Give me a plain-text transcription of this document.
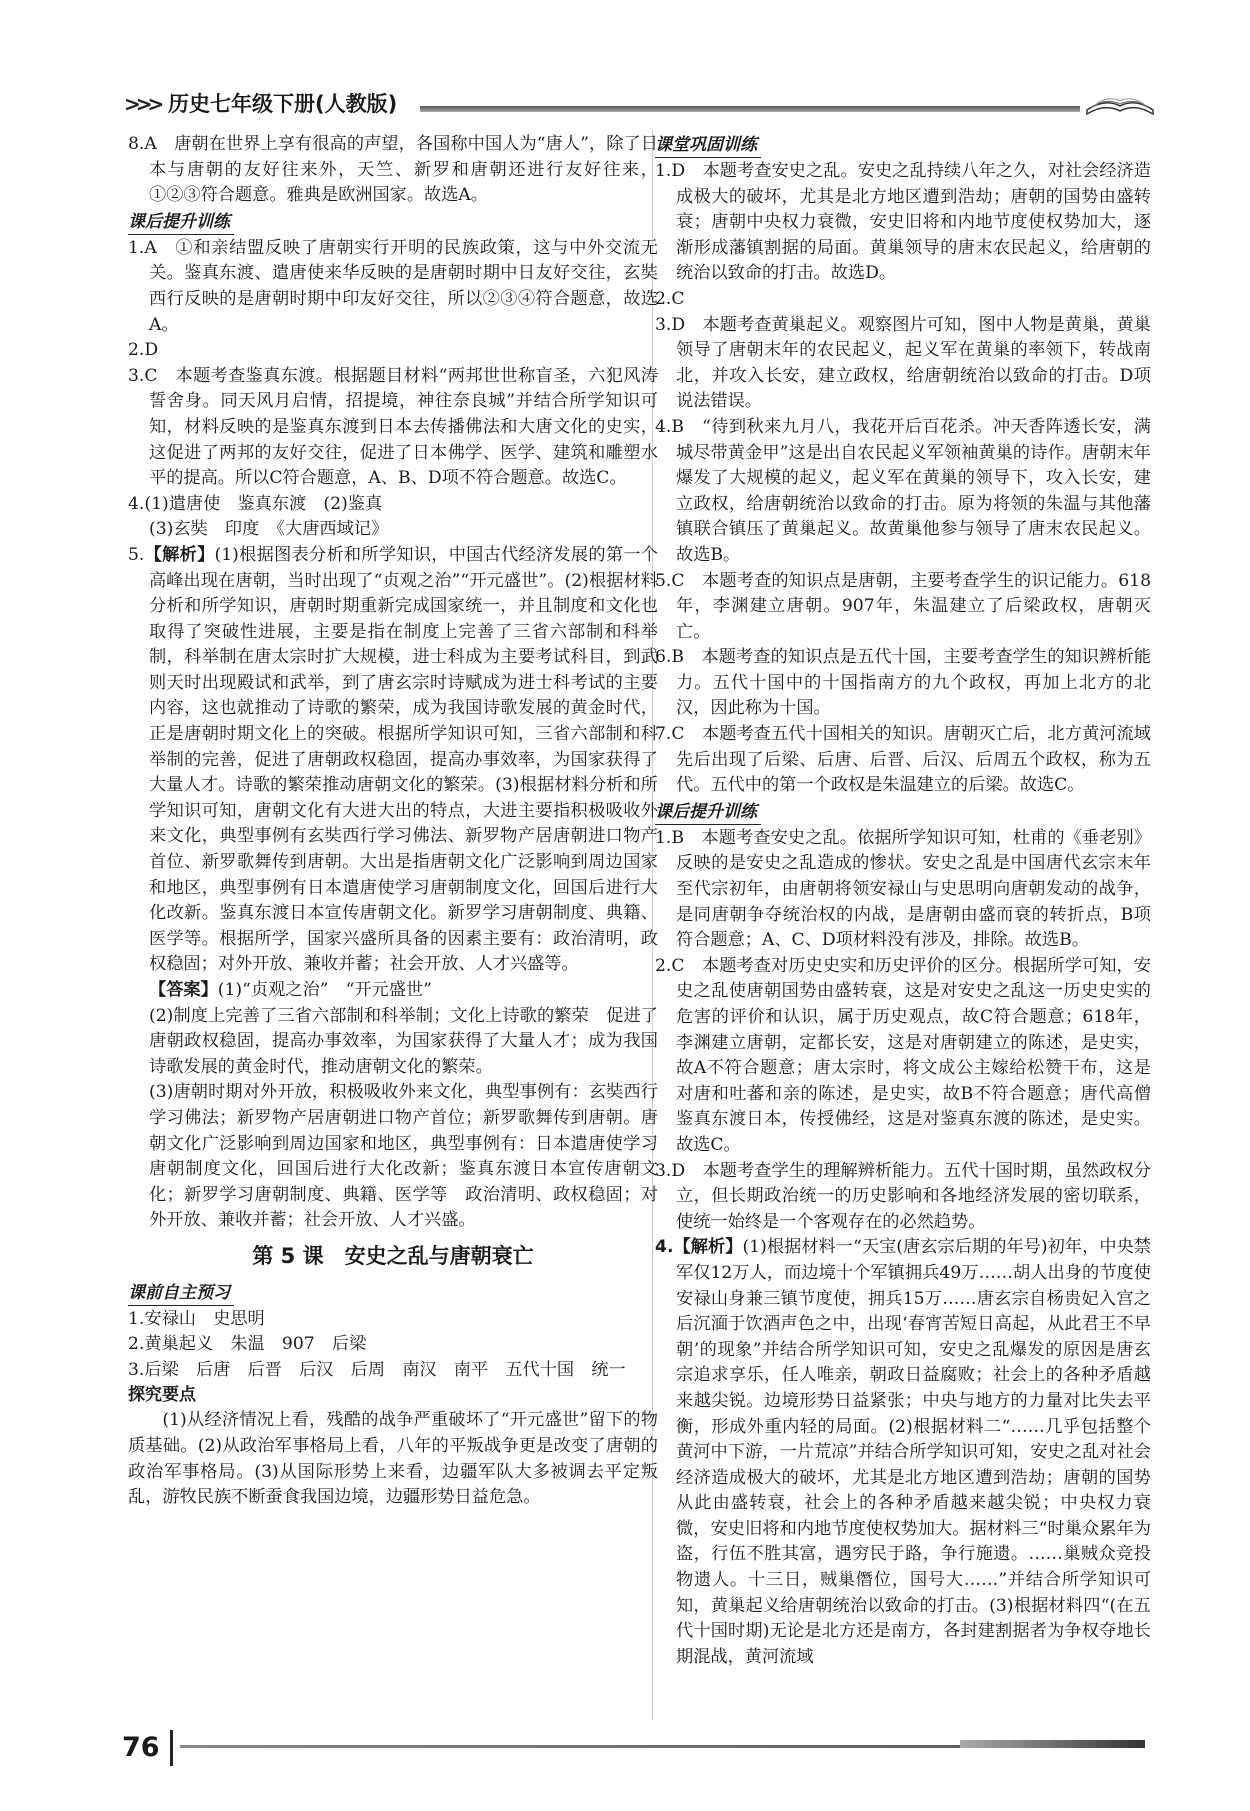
>>> 历史七年级下册(人教版)

8.A　唐朝在世界上享有很高的声望，各国称中国人为“唐人”，除了日本与唐朝的友好往来外，天竺、新罗和唐朝还进行友好往来，①②③符合题意。雅典是欧洲国家。故选A。

课后提升训练

1.A　①和亲结盟反映了唐朝实行开明的民族政策，这与中外交流无关。鉴真东渡、遣唐使来华反映的是唐朝时期中日友好交往，玄奘西行反映的是唐朝时期中印友好交往，所以②③④符合题意，故选A。

2.D

3.C　本题考查鉴真东渡。根据题目材料“两邦世世称盲圣，六犯风涛誓舍身。同天风月启情，招提境，神往奈良城”并结合所学知识可知，材料反映的是鉴真东渡到日本去传播佛法和大唐文化的史实，这促进了两邦的友好交往，促进了日本佛学、医学、建筑和雕塑水平的提高。所以C符合题意，A、B、D项不符合题意。故选C。

4.(1)遣唐使　鉴真东渡　(2)鉴真

(3)玄奘　印度　《大唐西域记》

5.【解析】(1)根据图表分析和所学知识，中国古代经济发展的第一个高峰出现在唐朝，当时出现了“贞观之治”“开元盛世”。(2)根据材料分析和所学知识，唐朝时期重新完成国家统一，并且制度和文化也取得了突破性进展，主要是指在制度上完善了三省六部制和科举制，科举制在唐太宗时扩大规模，进士科成为主要考试科目，到武则天时出现殿试和武举，到了唐玄宗时诗赋成为进士科考试的主要内容，这也就推动了诗歌的繁荣，成为我国诗歌发展的黄金时代，正是唐朝时期文化上的突破。根据所学知识可知，三省六部制和科举制的完善，促进了唐朝政权稳固，提高办事效率，为国家获得了大量人才。诗歌的繁荣推动唐朝文化的繁荣。(3)根据材料分析和所学知识可知，唐朝文化有大进大出的特点，大进主要指积极吸收外来文化，典型事例有玄奘西行学习佛法、新罗物产居唐朝进口物产首位、新罗歌舞传到唐朝。大出是指唐朝文化广泛影响到周边国家和地区，典型事例有日本遣唐使学习唐朝制度文化，回国后进行大化改新。鉴真东渡日本宣传唐朝文化。新罗学习唐朝制度、典籍、医学等。根据所学，国家兴盛所具备的因素主要有：政治清明，政权稳固；对外开放、兼收并蓄；社会开放、人才兴盛等。

【答案】(1)“贞观之治”　“开元盛世”

(2)制度上完善了三省六部制和科举制；文化上诗歌的繁荣　促进了唐朝政权稳固，提高办事效率，为国家获得了大量人才；成为我国诗歌发展的黄金时代，推动唐朝文化的繁荣。

(3)唐朝时期对外开放，积极吸收外来文化，典型事例有：玄奘西行学习佛法；新罗物产居唐朝进口物产首位；新罗歌舞传到唐朝。唐朝文化广泛影响到周边国家和地区，典型事例有：日本遣唐使学习唐朝制度文化，回国后进行大化改新；鉴真东渡日本宣传唐朝文化；新罗学习唐朝制度、典籍、医学等　政治清明、政权稳固；对外开放、兼收并蓄；社会开放、人才兴盛。

第 5 课　安史之乱与唐朝衰亡
课前自主预习

1.安禄山　史思明

2.黄巢起义　朱温　907　后梁

3.后梁　后唐　后晋　后汉　后周　南汉　南平　五代十国　统一

探究要点

(1)从经济情况上看，残酷的战争严重破坏了“开元盛世”留下的物质基础。(2)从政治军事格局上看，八年的平叛战争更是改变了唐朝的政治军事格局。(3)从国际形势上来看，边疆军队大多被调去平定叛乱，游牧民族不断蚕食我国边境，边疆形势日益危急。

课堂巩固训练

1.D　本题考查安史之乱。安史之乱持续八年之久，对社会经济造成极大的破坏，尤其是北方地区遭到浩劫；唐朝的国势由盛转衰；唐朝中央权力衰微，安史旧将和内地节度使权势加大，逐渐形成藩镇割据的局面。黄巢领导的唐末农民起义，给唐朝的统治以致命的打击。故选D。

2.C

3.D　本题考查黄巢起义。观察图片可知，图中人物是黄巢，黄巢领导了唐朝末年的农民起义，起义军在黄巢的率领下，转战南北，并攻入长安，建立政权，给唐朝统治以致命的打击。D项说法错误。

4.B　“待到秋来九月八，我花开后百花杀。冲天香阵透长安，满城尽带黄金甲”这是出自农民起义军领袖黄巢的诗作。唐朝末年爆发了大规模的起义，起义军在黄巢的领导下，攻入长安，建立政权，给唐朝统治以致命的打击。原为将领的朱温与其他藩镇联合镇压了黄巢起义。故黄巢他参与领导了唐末农民起义。故选B。

5.C　本题考查的知识点是唐朝，主要考查学生的识记能力。618年，李渊建立唐朝。907年，朱温建立了后梁政权，唐朝灭亡。

6.B　本题考查的知识点是五代十国，主要考查学生的知识辨析能力。五代十国中的十国指南方的九个政权，再加上北方的北汉，因此称为十国。

7.C　本题考查五代十国相关的知识。唐朝灭亡后，北方黄河流域先后出现了后梁、后唐、后晋、后汉、后周五个政权，称为五代。五代中的第一个政权是朱温建立的后梁。故选C。

课后提升训练

1.B　本题考查安史之乱。依据所学知识可知，杜甫的《垂老别》反映的是安史之乱造成的惨状。安史之乱是中国唐代玄宗末年至代宗初年，由唐朝将领安禄山与史思明向唐朝发动的战争，是同唐朝争夺统治权的内战，是唐朝由盛而衰的转折点，B项符合题意；A、C、D项材料没有涉及，排除。故选B。

2.C　本题考查对历史史实和历史评价的区分。根据所学可知，安史之乱使唐朝国势由盛转衰，这是对安史之乱这一历史史实的危害的评价和认识，属于历史观点，故C符合题意；618年，李渊建立唐朝，定都长安，这是对唐朝建立的陈述，是史实，故A不符合题意；唐太宗时，将文成公主嫁给松赞干布，这是对唐和吐蕃和亲的陈述，是史实，故B不符合题意；唐代高僧鉴真东渡日本，传授佛经，这是对鉴真东渡的陈述，是史实。故选C。

3.D　本题考查学生的理解辨析能力。五代十国时期，虽然政权分立，但长期政治统一的历史影响和各地经济发展的密切联系，使统一始终是一个客观存在的必然趋势。

4.【解析】(1)根据材料一“天宝(唐玄宗后期的年号)初年，中央禁军仅12万人，而边境十个军镇拥兵49万……胡人出身的节度使安禄山身兼三镇节度使，拥兵15万……唐玄宗自杨贵妃入宫之后沉湎于饮酒声色之中，出现‘春宵苦短日高起，从此君王不早朝’的现象”并结合所学知识可知，安史之乱爆发的原因是唐玄宗追求享乐，任人唯亲，朝政日益腐败；社会上的各种矛盾越来越尖锐。边境形势日益紧张；中央与地方的力量对比失去平衡，形成外重内轻的局面。(2)根据材料二“……几乎包括整个黄河中下游，一片荒凉”并结合所学知识可知，安史之乱对社会经济造成极大的破坏，尤其是北方地区遭到浩劫；唐朝的国势从此由盛转衰，社会上的各种矛盾越来越尖锐；中央权力衰微，安史旧将和内地节度使权势加大。据材料三“时巢众累年为盗，行伍不胜其富，遇穷民于路，争行施遗。……巢贼众竞投物遗人。十三日，贼巢僭位，国号大……”并结合所学知识可知，黄巢起义给唐朝统治以致命的打击。(3)根据材料四“(在五代十国时期)无论是北方还是南方，各封建割据者为争权夺地长期混战，黄河流域

76
